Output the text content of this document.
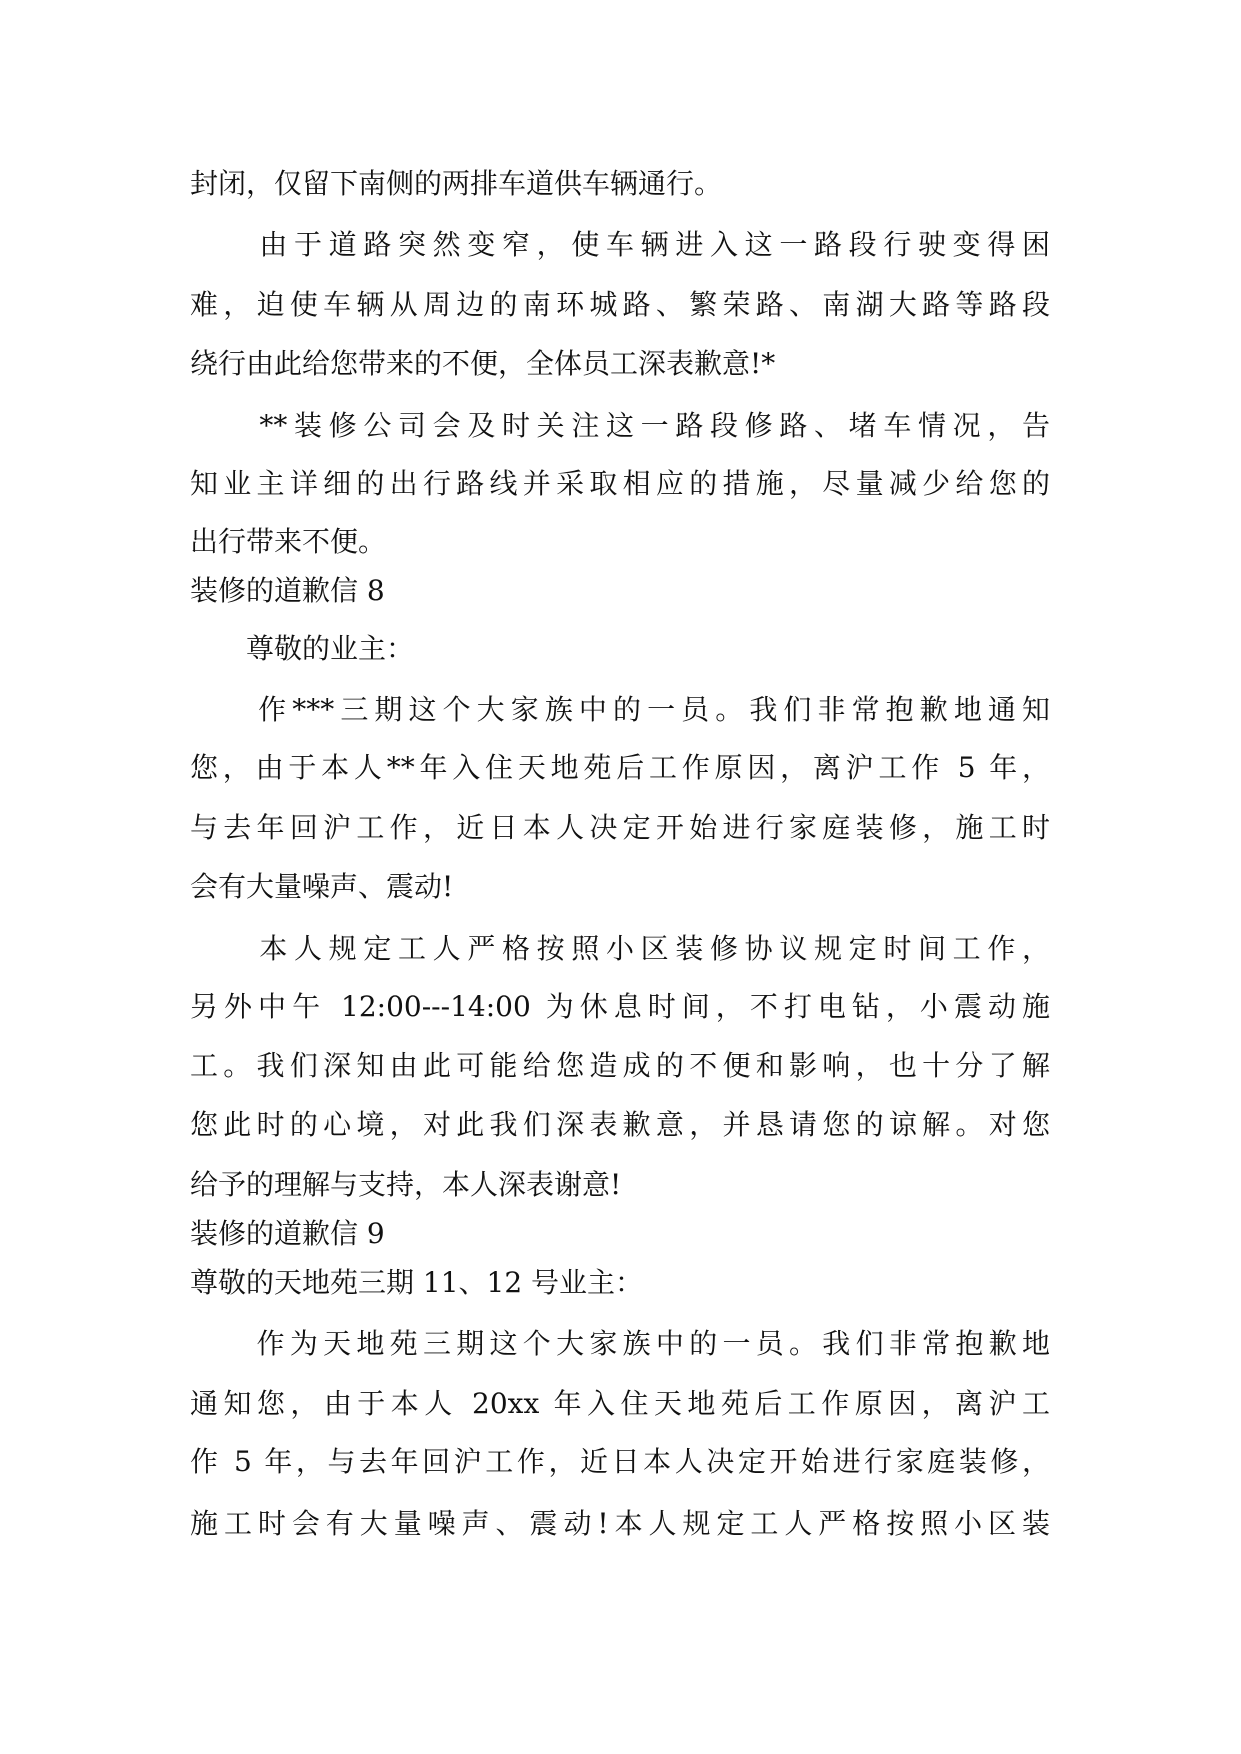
封闭，仅留下南侧的两排车道供车辆通行。
　　由于道路突然变窄，使车辆进入这一路段行驶变得困
难，迫使车辆从周边的南环城路、繁荣路、南湖大路等路段
绕行由此给您带来的不便，全体员工深表歉意!*
　　**装修公司会及时关注这一路段修路、堵车情况，告
知业主详细的出行路线并采取相应的措施，尽量减少给您的
出行带来不便。
装修的道歉信 8
　　尊敬的业主：
　　作***三期这个大家族中的一员。我们非常抱歉地通知
您，由于本人**年入住天地苑后工作原因，离沪工作 5 年，
与去年回沪工作，近日本人决定开始进行家庭装修，施工时
会有大量噪声、震动!
　　本人规定工人严格按照小区装修协议规定时间工作，
另外中午 12:00---14:00 为休息时间，不打电钻，小震动施
工。我们深知由此可能给您造成的不便和影响，也十分了解
您此时的心境，对此我们深表歉意，并恳请您的谅解。对您
给予的理解与支持，本人深表谢意!
装修的道歉信 9
尊敬的天地苑三期 11、12 号业主：
　　作为天地苑三期这个大家族中的一员。我们非常抱歉地
通知您，由于本人 20xx 年入住天地苑后工作原因，离沪工
作 5 年，与去年回沪工作，近日本人决定开始进行家庭装修，
施工时会有大量噪声、震动!本人规定工人严格按照小区装
